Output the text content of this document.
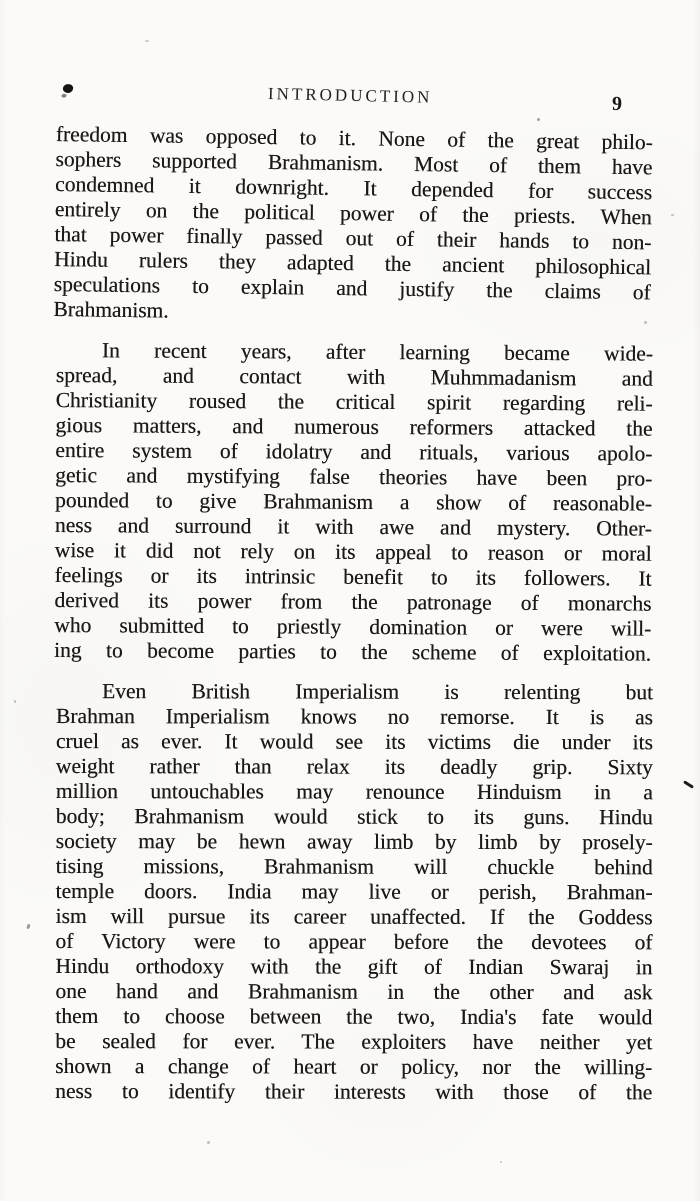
INTRODUCTION	9
freedom was opposed to it. None of the great philo-
sophers supported Brahmanism. Most of them have
condemned it downright. It depended for success
entirely on the political power of the priests. When
that power finally passed out of their hands to non-
Hindu rulers they adapted the ancient philosophical
speculations to explain and justify the claims of
Brahmanism.
In recent years, after learning became wide-
spread, and contact with Muhmmadanism and
Christianity roused the critical spirit regarding reli-
gious matters, and numerous reformers attacked the
entire system of idolatry and rituals, various apolo-
getic and mystifying false theories have been pro-
pounded to give Brahmanism a show of reasonable-
ness and surround it with awe and mystery. Other-
wise it did not rely on its appeal to reason or moral
feelings or its intrinsic benefit to its followers. It
derived its power from the patronage of monarchs
who submitted to priestly domination or were will-
ing to become parties to the scheme of exploitation.
Even British Imperialism is relenting but
Brahman Imperialism knows no remorse. It is as
cruel as ever. It would see its victims die under its
weight rather than relax its deadly grip. Sixty
million untouchables may renounce Hinduism in a
body; Brahmanism would stick to its guns. Hindu
society may be hewn away limb by limb by prosely-
tising missions, Brahmanism will chuckle behind
temple doors. India may live or perish, Brahman-
ism will pursue its career unaffected. If the Goddess
of Victory were to appear before the devotees of
Hindu orthodoxy with the gift of Indian Swaraj in
one hand and Brahmanism in the other and ask
them to choose between the two, India's fate would
be sealed for ever. The exploiters have neither yet
shown a change of heart or policy, nor the willing-
ness to identify their interests with those of the
